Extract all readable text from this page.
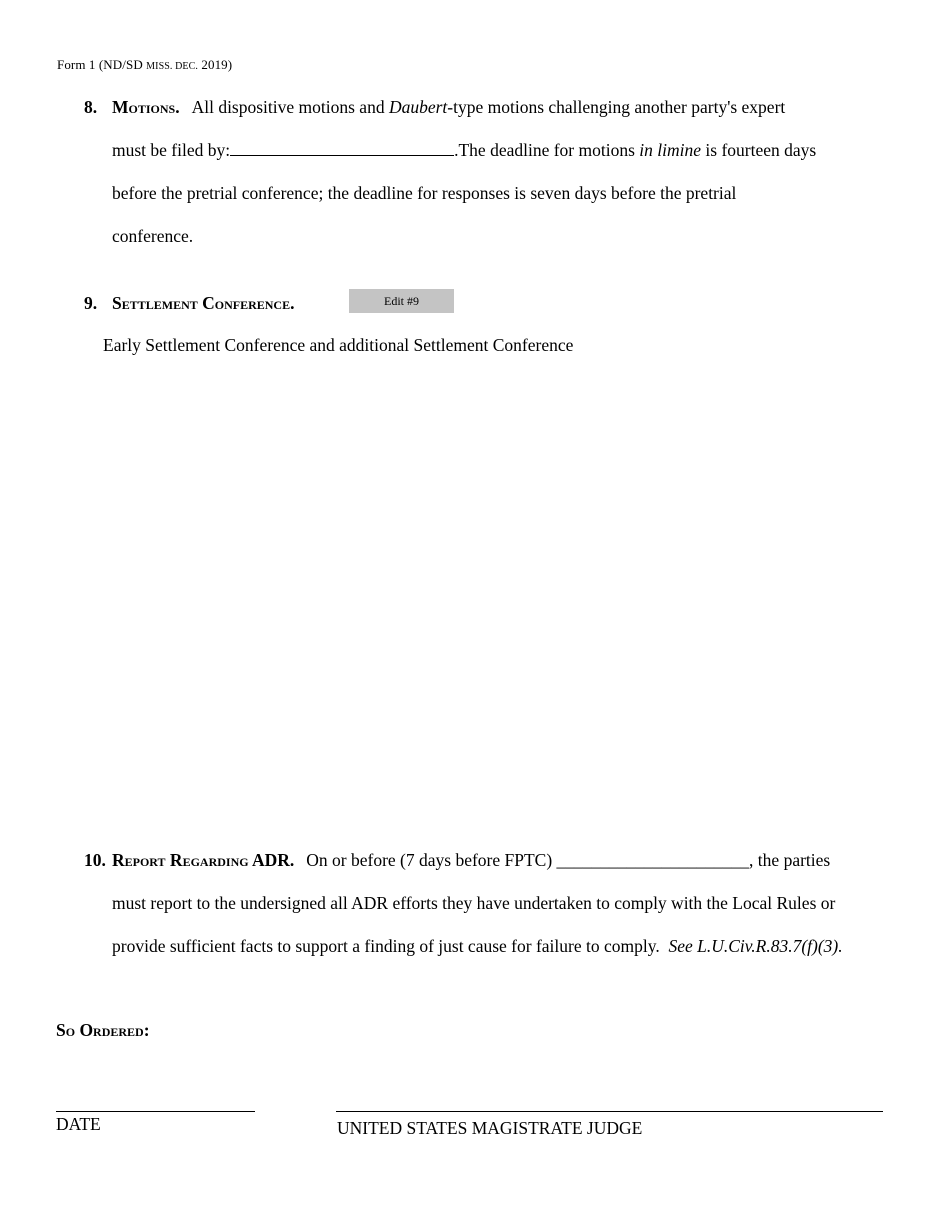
Form 1 (ND/SD MISS. DEC. 2019)
8. Motions. All dispositive motions and Daubert-type motions challenging another party's expert
must be filed by:	.The deadline for motions in limine is fourteen days
before the pretrial conference; the deadline for responses is seven days before the pretrial
conference.
9. Settlement Conference.	Edit #9
Early Settlement Conference and additional Settlement Conference
10. Report Regarding ADR. On or before (7 days before FPTC) ______________________, the parties
must report to the undersigned all ADR efforts they have undertaken to comply with the Local Rules or
provide sufficient facts to support a finding of just cause for failure to comply.  See L.U.Civ.R.83.7(f)(3).
So Ordered:
DATE	UNITED STATES MAGISTRATE JUDGE
